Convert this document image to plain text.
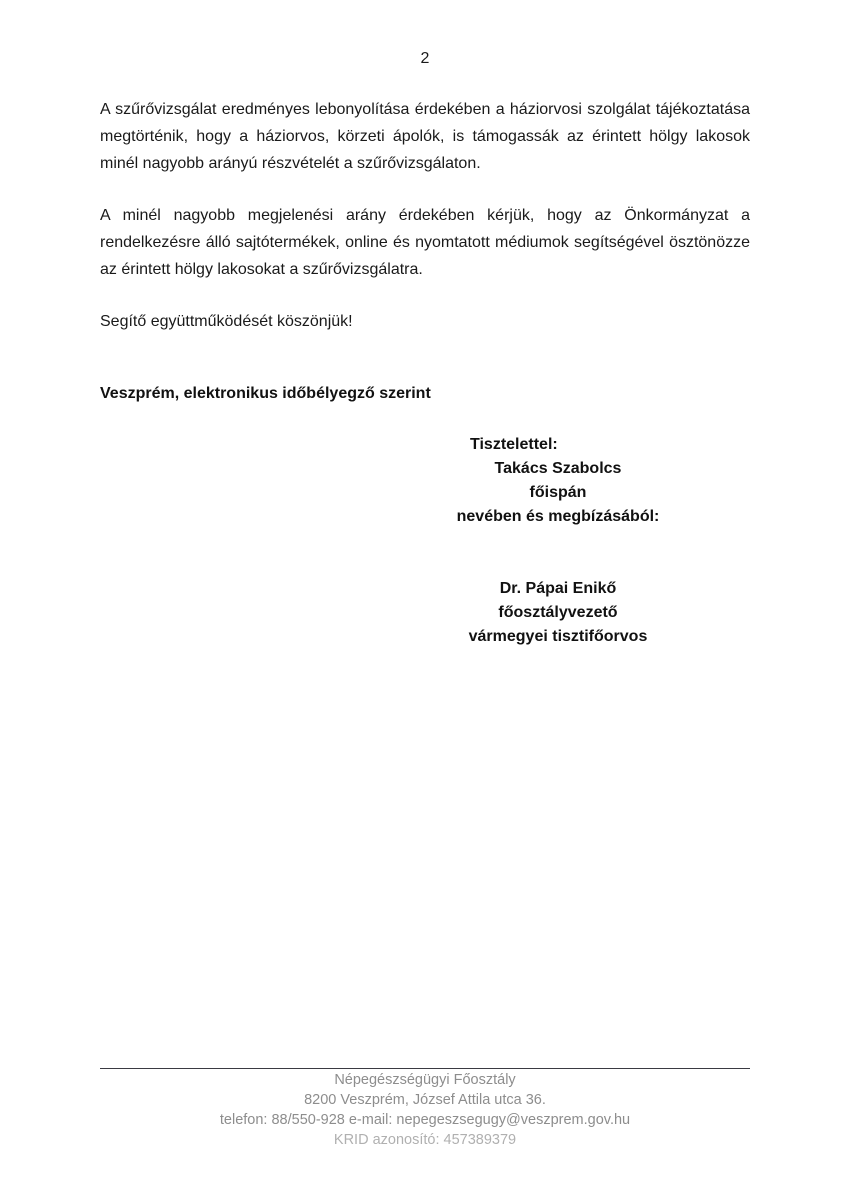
2

A szűrővizsgálat eredményes lebonyolítása érdekében a háziorvosi szolgálat tájékoztatása megtörténik, hogy a háziorvos, körzeti ápolók, is támogassák az érintett hölgy lakosok minél nagyobb arányú részvételét a szűrővizsgálaton.

A minél nagyobb megjelenési arány érdekében kérjük, hogy az Önkormányzat a rendelkezésre álló sajtótermékek, online és nyomtatott médiumok segítségével ösztönözze az érintett hölgy lakosokat a szűrővizsgálatra.

Segítő együttműködését köszönjük!

Veszprém, elektronikus időbélyegző szerint
Tisztelettel:
Takács Szabolcs
főispán
nevében és megbízásából:
Dr. Pápai Enikő
főosztályvezető
vármegyei tisztifőorvos
Népegészségügyi Főosztály
8200 Veszprém, József Attila utca 36.
telefon: 88/550-928 e-mail: nepegeszsegugy@veszprem.gov.hu
KRID azonosító: 457389379
